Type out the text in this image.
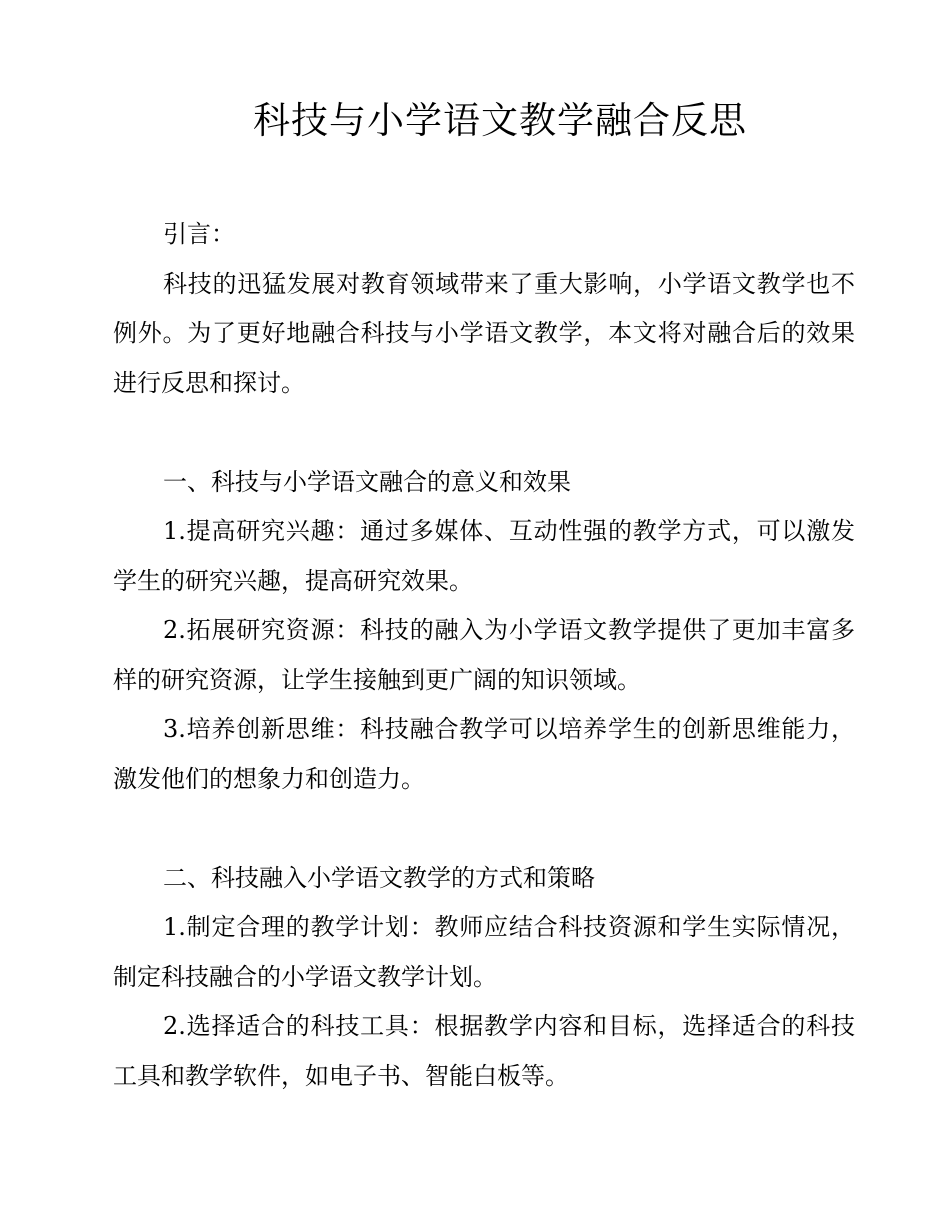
科技与小学语文教学融合反思

引言：

科技的迅猛发展对教育领域带来了重大影响，小学语文教学也不例外。为了更好地融合科技与小学语文教学，本文将对融合后的效果进行反思和探讨。

一、科技与小学语文融合的意义和效果

1.提高研究兴趣：通过多媒体、互动性强的教学方式，可以激发学生的研究兴趣，提高研究效果。

2.拓展研究资源：科技的融入为小学语文教学提供了更加丰富多样的研究资源，让学生接触到更广阔的知识领域。

3.培养创新思维：科技融合教学可以培养学生的创新思维能力，激发他们的想象力和创造力。

二、科技融入小学语文教学的方式和策略

1.制定合理的教学计划：教师应结合科技资源和学生实际情况，制定科技融合的小学语文教学计划。

2.选择适合的科技工具：根据教学内容和目标，选择适合的科技工具和教学软件，如电子书、智能白板等。
